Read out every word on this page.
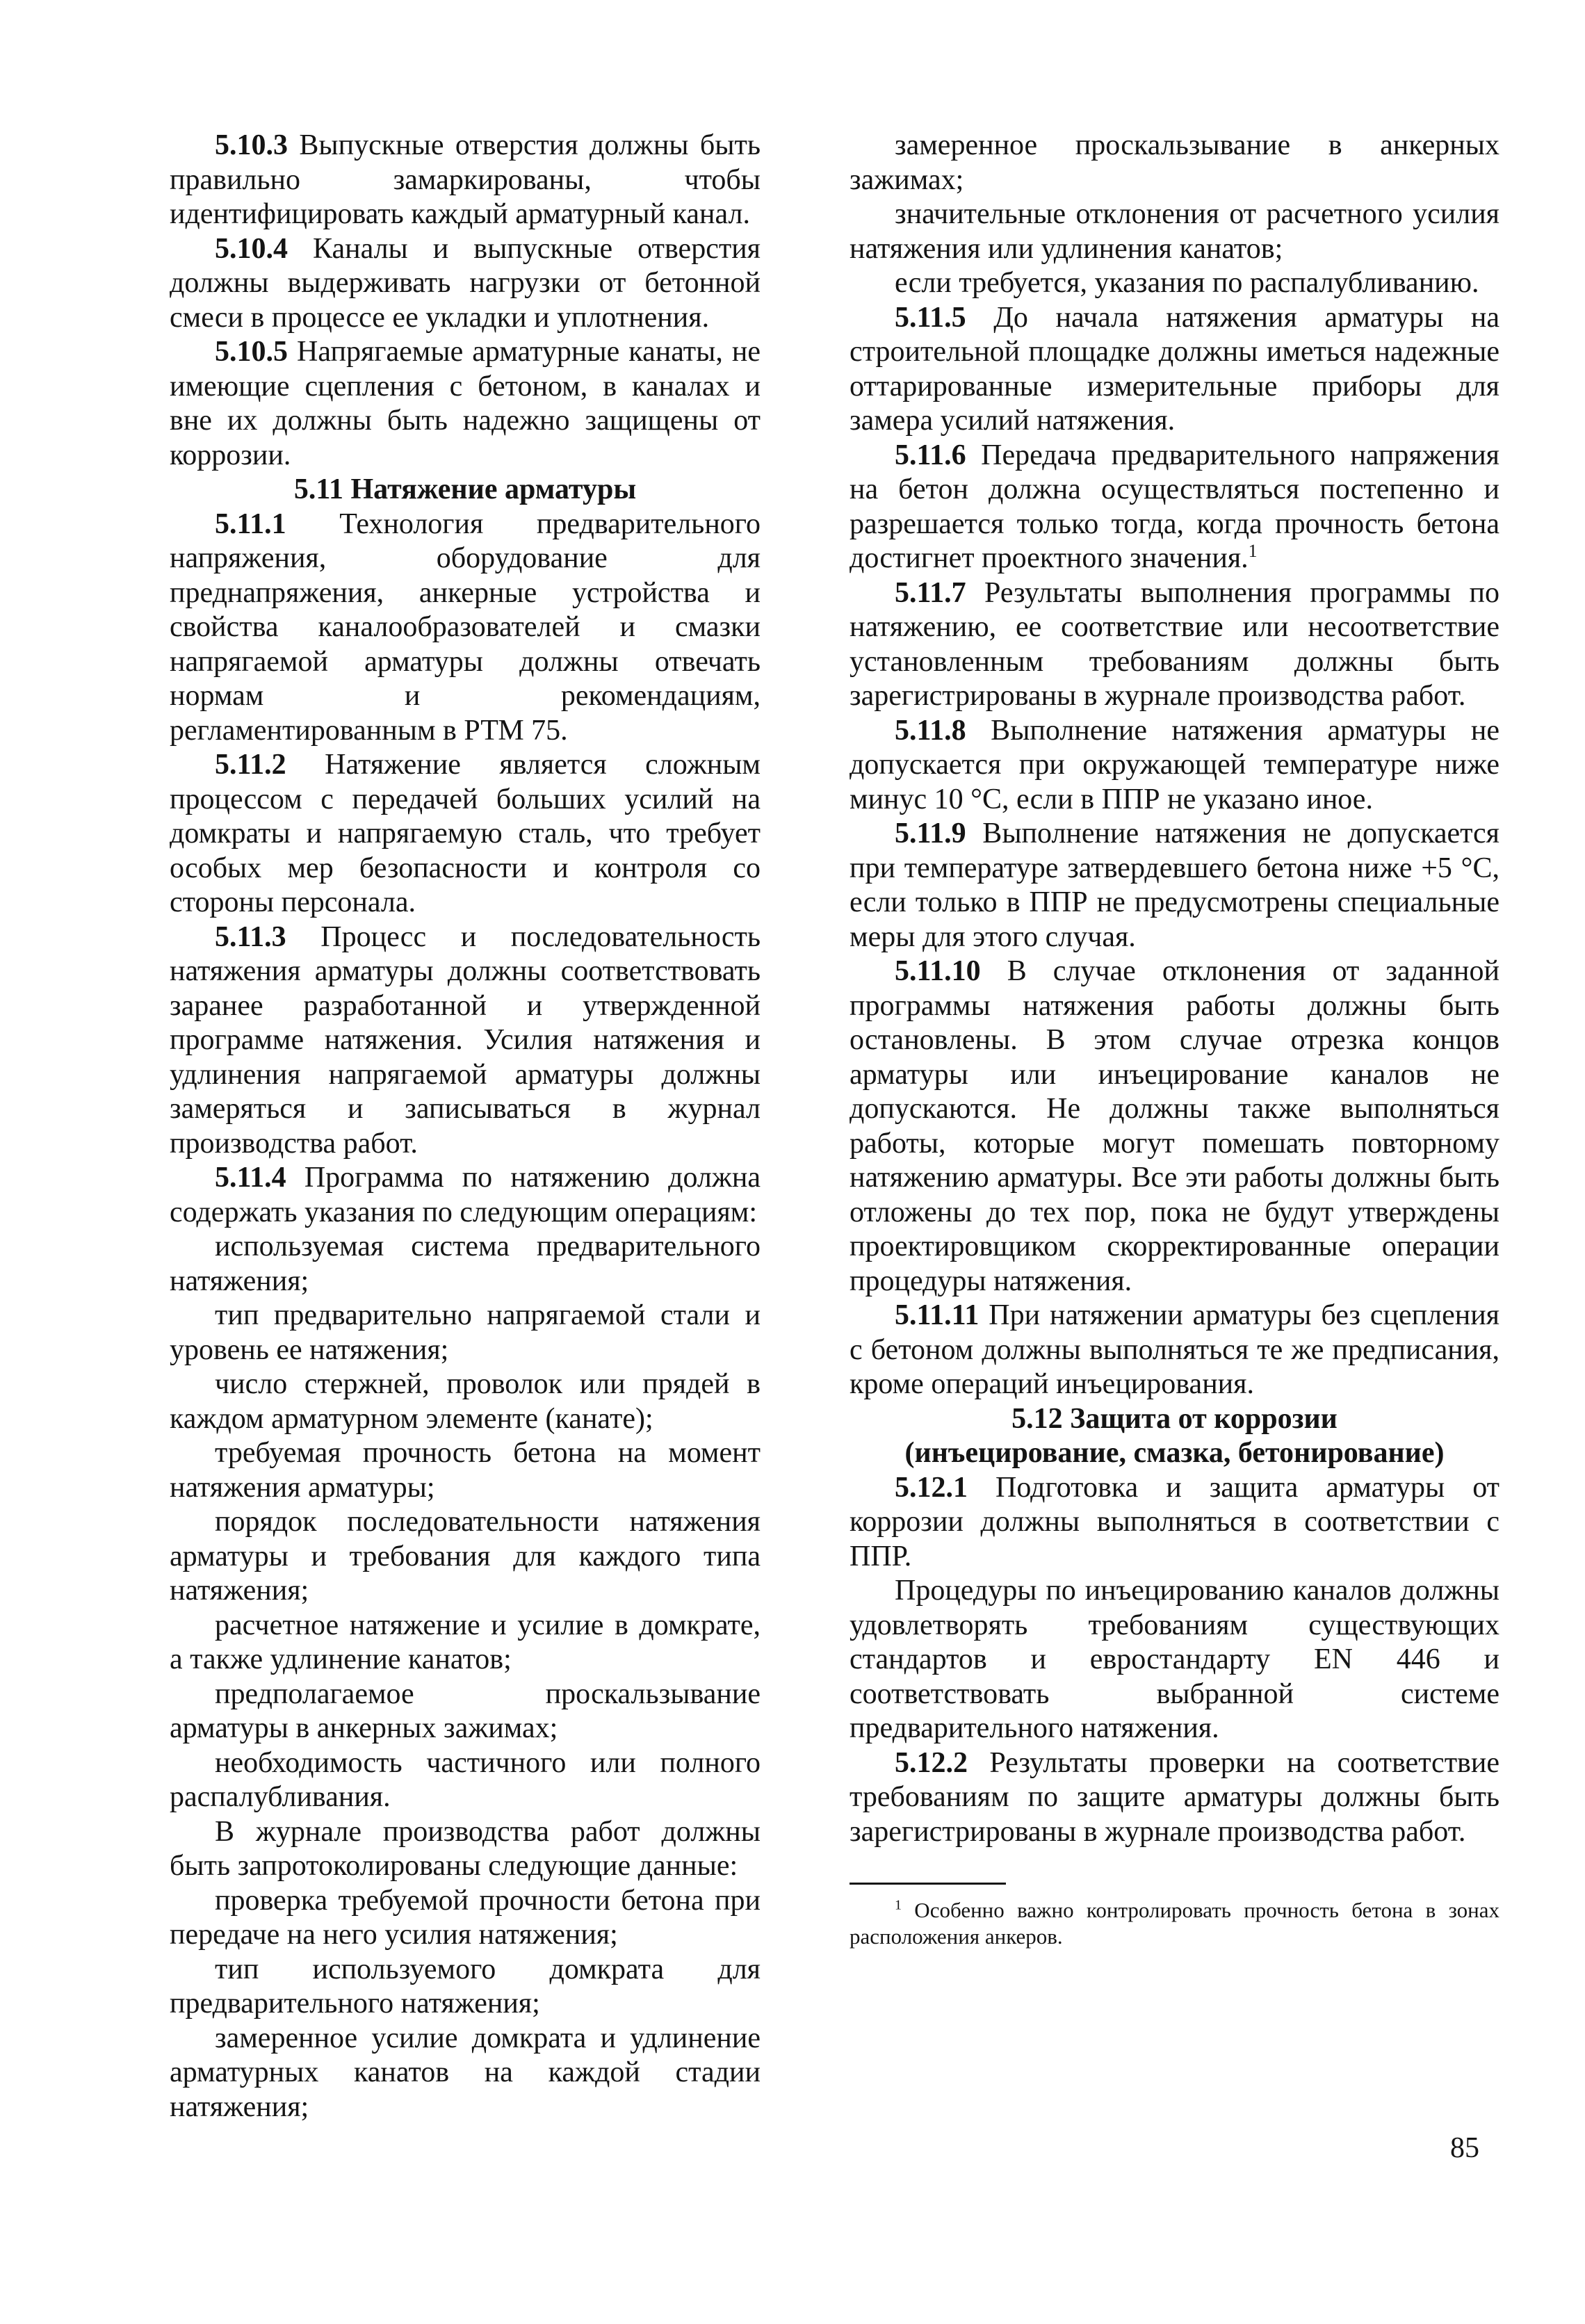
5.10.3 Выпускные отверстия должны быть правильно замаркированы, чтобы идентифицировать каждый арматурный канал.

5.10.4 Каналы и выпускные отверстия должны выдерживать нагрузки от бетонной смеси в процессе ее укладки и уплотнения.

5.10.5 Напрягаемые арматурные канаты, не имеющие сцепления с бетоном, в каналах и вне их должны быть надежно защищены от коррозии.

5.11 Натяжение арматуры

5.11.1 Технология предварительного напряжения, оборудование для преднапряжения, анкерные устройства и свойства каналообразователей и смазки напрягаемой арматуры должны отвечать нормам и рекомендациям, регламентированным в РТМ 75.

5.11.2 Натяжение является сложным процессом с передачей больших усилий на домкраты и напрягаемую сталь, что требует особых мер безопасности и контроля со стороны персонала.

5.11.3 Процесс и последовательность натяжения арматуры должны соответствовать заранее разработанной и утвержденной программе натяжения. Усилия натяжения и удлинения напрягаемой арматуры должны замеряться и записываться в журнал производства работ.

5.11.4 Программа по натяжению должна содержать указания по следующим операциям:

используемая система предварительного натяжения;

тип предварительно напрягаемой стали и уровень ее натяжения;

число стержней, проволок или прядей в каждом арматурном элементе (канате);

требуемая прочность бетона на момент натяжения арматуры;

порядок последовательности натяжения арматуры и требования для каждого типа натяжения;

расчетное натяжение и усилие в домкрате, а также удлинение канатов;

предполагаемое проскальзывание арматуры в анкерных зажимах;

необходимость частичного или полного распалубливания.

В журнале производства работ должны быть запротоколированы следующие данные:

проверка требуемой прочности бетона при передаче на него усилия натяжения;

тип используемого домкрата для предварительного натяжения;

замеренное усилие домкрата и удлинение арматурных канатов на каждой стадии натяжения;

замеренное проскальзывание в анкерных зажимах;

значительные отклонения от расчетного усилия натяжения или удлинения канатов;

если требуется, указания по распалубливанию.

5.11.5 До начала натяжения арматуры на строительной площадке должны иметься надежные оттарированные измерительные приборы для замера усилий натяжения.

5.11.6 Передача предварительного напряжения на бетон должна осуществляться постепенно и разрешается только тогда, когда прочность бетона достигнет проектного значения.$^1$

5.11.7 Результаты выполнения программы по натяжению, ее соответствие или несоответствие установленным требованиям должны быть зарегистрированы в журнале производства работ.

5.11.8 Выполнение натяжения арматуры не допускается при окружающей температуре ниже минус 10 °С, если в ППР не указано иное.

5.11.9 Выполнение натяжения не допускается при температуре затвердевшего бетона ниже +5 °С, если только в ППР не предусмотрены специальные меры для этого случая.

5.11.10 В случае отклонения от заданной программы натяжения работы должны быть остановлены. В этом случае отрезка концов арматуры или инъецирование каналов не допускаются. Не должны также выполняться работы, которые могут помешать повторному натяжению арматуры. Все эти работы должны быть отложены до тех пор, пока не будут утверждены проектировщиком скорректированные операции процедуры натяжения.

5.11.11 При натяжении арматуры без сцепления с бетоном должны выполняться те же предписания, кроме операций инъецирования.

5.12 Защита от коррозии
(инъецирование, смазка, бетонирование)

5.12.1 Подготовка и защита арматуры от коррозии должны выполняться в соответствии с ППР.

Процедуры по инъецированию каналов должны удовлетворять требованиям существующих стандартов и евростандарту EN 446 и соответствовать выбранной системе предварительного натяжения.

5.12.2 Результаты проверки на соответствие требованиям по защите арматуры должны быть зарегистрированы в журнале производства работ.

$^1$ Особенно важно контролировать прочность бетона в зонах расположения анкеров.
85
